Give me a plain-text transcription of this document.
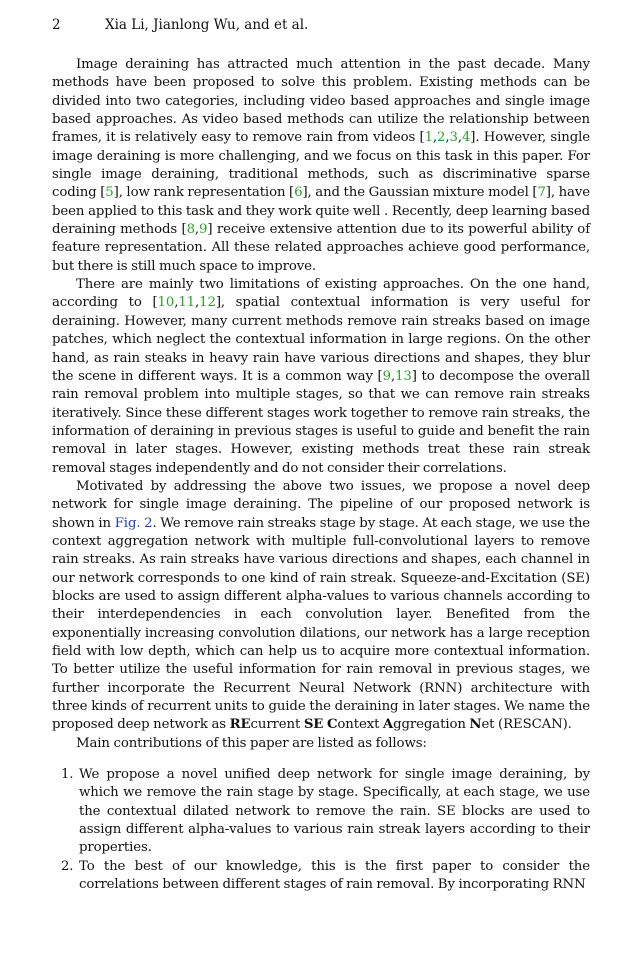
2	Xia Li, Jianlong Wu, and et al.

Image deraining has attracted much attention in the past decade. Many methods have been proposed to solve this problem. Existing methods can be divided into two categories, including video based approaches and single image based approaches. As video based methods can utilize the relationship between frames, it is relatively easy to remove rain from videos [1,2,3,4]. However, single image deraining is more challenging, and we focus on this task in this paper. For single image deraining, traditional methods, such as discriminative sparse coding [5], low rank representation [6], and the Gaussian mixture model [7], have been applied to this task and they work quite well . Recently, deep learning based deraining methods [8,9] receive extensive attention due to its powerful ability of feature representation. All these related approaches achieve good performance, but there is still much space to improve.

There are mainly two limitations of existing approaches. On the one hand, according to [10,11,12], spatial contextual information is very useful for deraining. However, many current methods remove rain streaks based on image patches, which neglect the contextual information in large regions. On the other hand, as rain steaks in heavy rain have various directions and shapes, they blur the scene in different ways. It is a common way [9,13] to decompose the overall rain removal problem into multiple stages, so that we can remove rain streaks iteratively. Since these different stages work together to remove rain streaks, the information of deraining in previous stages is useful to guide and benefit the rain removal in later stages. However, existing methods treat these rain streak removal stages independently and do not consider their correlations.

Motivated by addressing the above two issues, we propose a novel deep network for single image deraining. The pipeline of our proposed network is shown in Fig. 2. We remove rain streaks stage by stage. At each stage, we use the context aggregation network with multiple full-convolutional layers to remove rain streaks. As rain streaks have various directions and shapes, each channel in our network corresponds to one kind of rain streak. Squeeze-and-Excitation (SE) blocks are used to assign different alpha-values to various channels according to their interdependencies in each convolution layer. Benefited from the exponentially increasing convolution dilations, our network has a large reception field with low depth, which can help us to acquire more contextual information. To better utilize the useful information for rain removal in previous stages, we further incorporate the Recurrent Neural Network (RNN) architecture with three kinds of recurrent units to guide the deraining in later stages. We name the proposed deep network as REcurrent SE Context Aggregation Net (RESCAN).

Main contributions of this paper are listed as follows:

1. We propose a novel unified deep network for single image deraining, by which we remove the rain stage by stage. Specifically, at each stage, we use the contextual dilated network to remove the rain. SE blocks are used to assign different alpha-values to various rain streak layers according to their properties.
2. To the best of our knowledge, this is the first paper to consider the correlations between different stages of rain removal. By incorporating RNN
